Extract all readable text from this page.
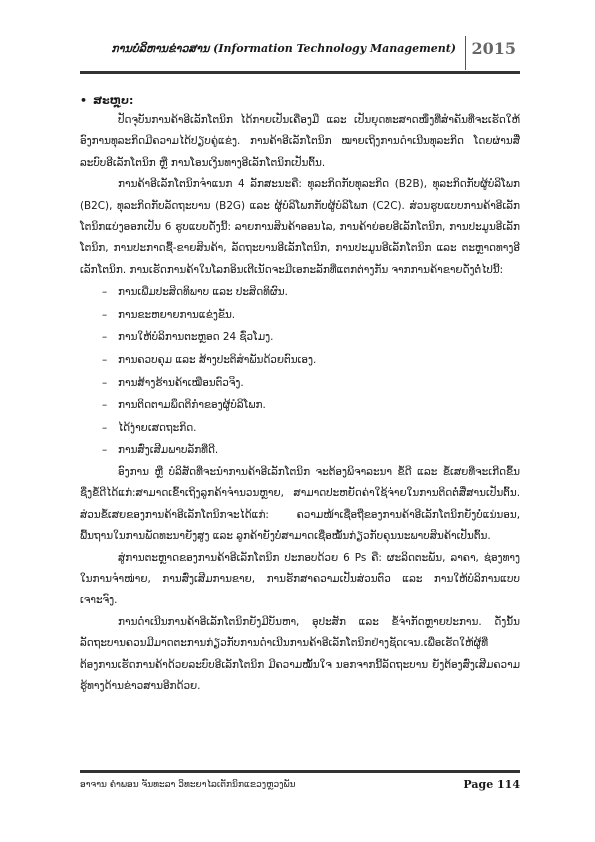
ການບໍລິຫານຂ່າວສານ (Information Technology Management) 2015
• ສະຫຼຸບ:

ປັດຈຸບັນການຄ້າອີເລັກໂຕນິກ ໄດ້ກາຍເປັນເຄື່ອງມື ແລະ ເປັນຍຸດທະສາດໜຶ່ງທີ່ສຳຄັນທີ່ຈະເຮັດໃຫ້ອົງການທຸລະກິດມີຄວາມໄດ້ປຽບຄູ່ແຂ່ງ. ການຄ້າອີເລັກໂຕນິກ ໝາຍເຖິງການດຳເນີນທຸລະກິດ ໂດຍຜ່ານສື່ລະບົບອີເລັກໂຕນິກ ຫຼື ການໂອນເງິນທາງອີເລັກໂຕນິກເປັນຕົ້ນ.

ການຄ້າອີເລັກໂຕນິກຈຳແນກ 4 ລັກສະນະຄື: ທຸລະກິດກັບທຸລະກິດ (B2B), ທຸລະກິດກັບຜູ້ບໍລິໂພກ (B2C), ທຸລະກິດກັບລັດຖະບານ (B2G) ແລະ ຜູ້ບໍລິໂພກກັບຜູ້ບໍລິໂພກ (C2C). ສ່ວນຮູບແບບການຄ້າອີເລັກໂຕນິກແບ່ງອອກເປັນ 6 ຮູບແບບດັ່ງນີ້: ລາຍການສິນຄ້າອອນໄລ, ການຄ້າຍ່ອຍອີເລັກໂຕນິກ, ການປະມູນອີເລັກໂຕນິກ, ການປະກາດຊື້-ຂາຍສິນຄ້າ, ລັດຖະບານອີເລັກໂຕນິກ, ການປະມູນອີເລັກໂຕນິກ ແລະ ຕະຫຼາດທາງອີເລັກໂຕນິກ. ການເຮັດການຄ້າໃນໂລກອິນເຕີເນັດຈະມີເອກະລັກທີ່ແຕກຕ່າງກັນ ຈາກການຄ້າຂາຍດັ່ງຕໍ່ໄປນີ້:

– ການເພີ່ມປະສິດທິພາບ ແລະ ປະສິດທິຜົນ.
– ການຂະຫຍາຍການແຂ່ງຂັນ.
– ການໃຫ້ບໍລິການຕະຫຼອດ 24 ຊົ່ວໂມງ.
– ການຄວບຄຸມ ແລະ ສ້າງປະຕິສຳພັນດ້ວຍຕົນເອງ.
– ການສ້າງຮ້ານຄ້າເໝືອນຕົວຈິງ.
– ການຕິດຕາມພຶດຕິກຳຂອງຜູ້ບໍລິໂພກ.
– ໄດ້ງ່າຍເສດຖະກິດ.
– ການສົ່ງເສີມພາບລັກທີ່ດີ.

ອົງການ ຫຼື ບໍລິສັດທີ່ຈະນຳການຄ້າອີເລັກໂຕນິກ ຈະຕ້ອງພິຈາລະນາ ຂໍ້ດີ ແລະ ຂໍ້ເສຍທີ່ຈະເກີດຂຶ້ນ ຊຶ່ງຂໍ້ດີໄດ້ແກ່:ສາມາດເຂົ້າເຖິງລູກຄ້າຈຳນວນຫຼາຍ, ສາມາດປະຫຍັດຄ່າໃຊ້ຈ່າຍໃນການຕິດຕໍ່ສື່ສານເປັນຕົ້ນ. ສ່ວນຂໍ້ເສຍຂອງການຄ້າອີເລັກໂຕນິກຈະໄດ້ແກ່: ຄວາມໜ້າເຊື່ອຖືຂອງການຄ້າອີເລັກໂຕນິກຍັງບໍ່ແນ່ນອນ, ພື້ນຖານໃນການພັດທະນາຍັງສູງ ແລະ ລູກຄ້າຍັງບໍ່ສາມາດເຊື່ອໝັ້ນກ່ຽວກັບຄຸນນະພາບສິນຄ້າເປັນຕົ້ນ.

ສູ່ການຕະຫຼາດຂອງການຄ້າອີເລັກໂຕນິກ ປະກອບດ້ວຍ 6 Ps ຄື: ຜະລິດຕະພັນ, ລາຄາ, ຊ່ອງທາງໃນການຈຳໜ່າຍ, ການສົ່ງເສີມການຂາຍ, ການຮັກສາຄວາມເປັນສ່ວນຕົວ ແລະ ການໃຫ້ບໍລິການແບບເຈາະຈົງ.

ການດຳເນີນການຄ້າອີເລັກໂຕນິກຍັງມີບັນຫາ, ອຸປະສັກ ແລະ ຂໍ້ຈຳກັດຫຼາຍປະການ. ດັ່ງນັ້ນ ລັດຖະບານຄວນມີມາດຕະການກ່ຽວກັບການດຳເນີນການຄ້າອີເລັກໂຕນິກຢ່າງຊັດເຈນ.ເພື່ອເຮັດໃຫ້ຜູ້ທີ່ຕ້ອງການເຮັດການຄ້າດ້ວຍລະບົບອີເລັກໂຕນິກ ມີຄວາມໝັ້ນໃຈ ນອກຈາກນີ້ລັດຖະບານ ຍັງຕ້ອງສົ່ງເສີມຄວາມຮູ້ທາງດ້ານຂ່າວສານອີກດ້ວຍ.

ອາຈານ ຄຳພອນ ຈັນທະລາ ວິທະຍາໄລເຕັກນິກແຂວງຫຼວງພັນ	Page 114
